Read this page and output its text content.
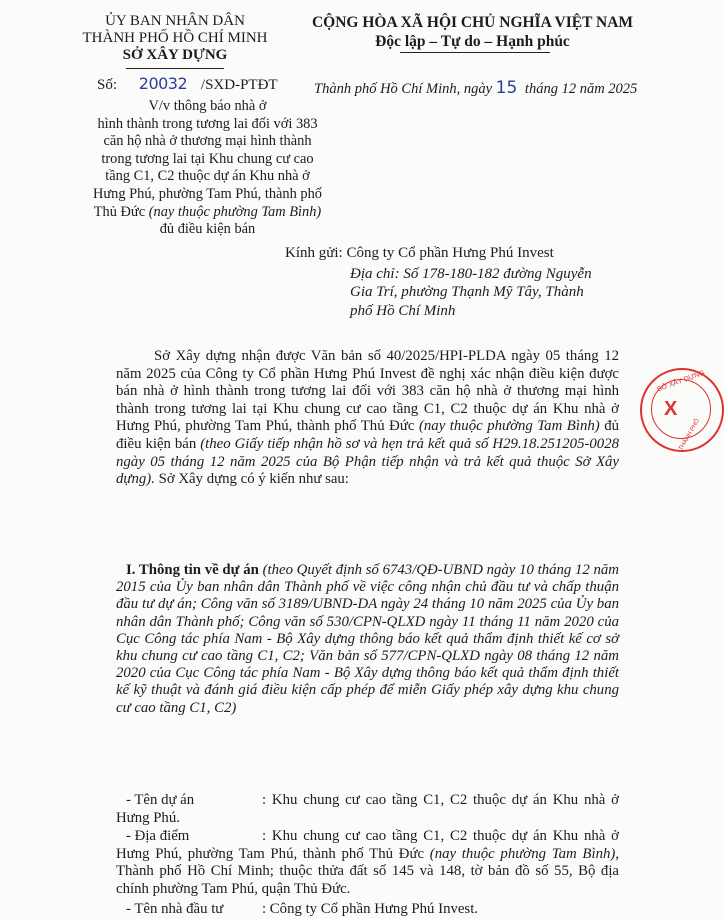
ỦY BAN NHÂN DÂN
THÀNH PHỐ HỒ CHÍ MINH
SỞ XÂY DỰNG
CỘNG HÒA XÃ HỘI CHỦ NGHĨA VIỆT NAM
Độc lập – Tự do – Hạnh phúc
Số: 20032 /SXD-PTĐT	Thành phố Hồ Chí Minh, ngày 15 tháng 12 năm 2025
V/v thông báo nhà ở
hình thành trong tương lai đối với 383
căn hộ nhà ở thương mại hình thành
trong tương lai tại Khu chung cư cao
tầng C1, C2 thuộc dự án Khu nhà ở
Hưng Phú, phường Tam Phú, thành phố
Thủ Đức (nay thuộc phường Tam Bình)
đủ điều kiện bán
Kính gửi: Công ty Cổ phần Hưng Phú Invest
Địa chỉ: Số 178-180-182 đường Nguyễn
Gia Trí, phường Thạnh Mỹ Tây, Thành
phố Hồ Chí Minh
Sở Xây dựng nhận được Văn bản số 40/2025/HPI-PLDA ngày 05 tháng 12 năm 2025 của Công ty Cổ phần Hưng Phú Invest đề nghị xác nhận điều kiện được bán nhà ở hình thành trong tương lai đối với 383 căn hộ nhà ở thương mại hình thành trong tương lai tại Khu chung cư cao tầng C1, C2 thuộc dự án Khu nhà ở Hưng Phú, phường Tam Phú, thành phố Thủ Đức (nay thuộc phường Tam Bình) đủ điều kiện bán (theo Giấy tiếp nhận hồ sơ và hẹn trả kết quả số H29.18.251205-0028 ngày 05 tháng 12 năm 2025 của Bộ Phận tiếp nhận và trả kết quả thuộc Sở Xây dựng). Sở Xây dựng có ý kiến như sau:
I. Thông tin về dự án (theo Quyết định số 6743/QĐ-UBND ngày 10 tháng 12 năm 2015 của Ủy ban nhân dân Thành phố về việc công nhận chủ đầu tư và chấp thuận đầu tư dự án; Công văn số 3189/UBND-DA ngày 24 tháng 10 năm 2025 của Ủy ban nhân dân Thành phố; Công văn số 530/CPN-QLXD ngày 11 tháng 11 năm 2020 của Cục Công tác phía Nam - Bộ Xây dựng thông báo kết quả thẩm định thiết kế cơ sở khu chung cư cao tầng C1, C2; Văn bản số 577/CPN-QLXD ngày 08 tháng 12 năm 2020 của Cục Công tác phía Nam - Bộ Xây dựng thông báo kết quả thẩm định thiết kế kỹ thuật và đánh giá điều kiện cấp phép để miễn Giấy phép xây dựng khu chung cư cao tầng C1, C2)
- Tên dự án	: Khu chung cư cao tầng C1, C2 thuộc dự án Khu nhà ở Hưng Phú.
- Địa điểm	: Khu chung cư cao tầng C1, C2 thuộc dự án Khu nhà ở Hưng Phú, phường Tam Phú, thành phố Thủ Đức (nay thuộc phường Tam Bình), Thành phố Hồ Chí Minh; thuộc thửa đất số 145 và 148, tờ bản đồ số 55, Bộ địa chính phường Tam Phú, quận Thủ Đức.
- Tên nhà đầu tư	: Công ty Cổ phần Hưng Phú Invest.
SỞ XÂY DỰNG
X
THÀNH PHỐ
